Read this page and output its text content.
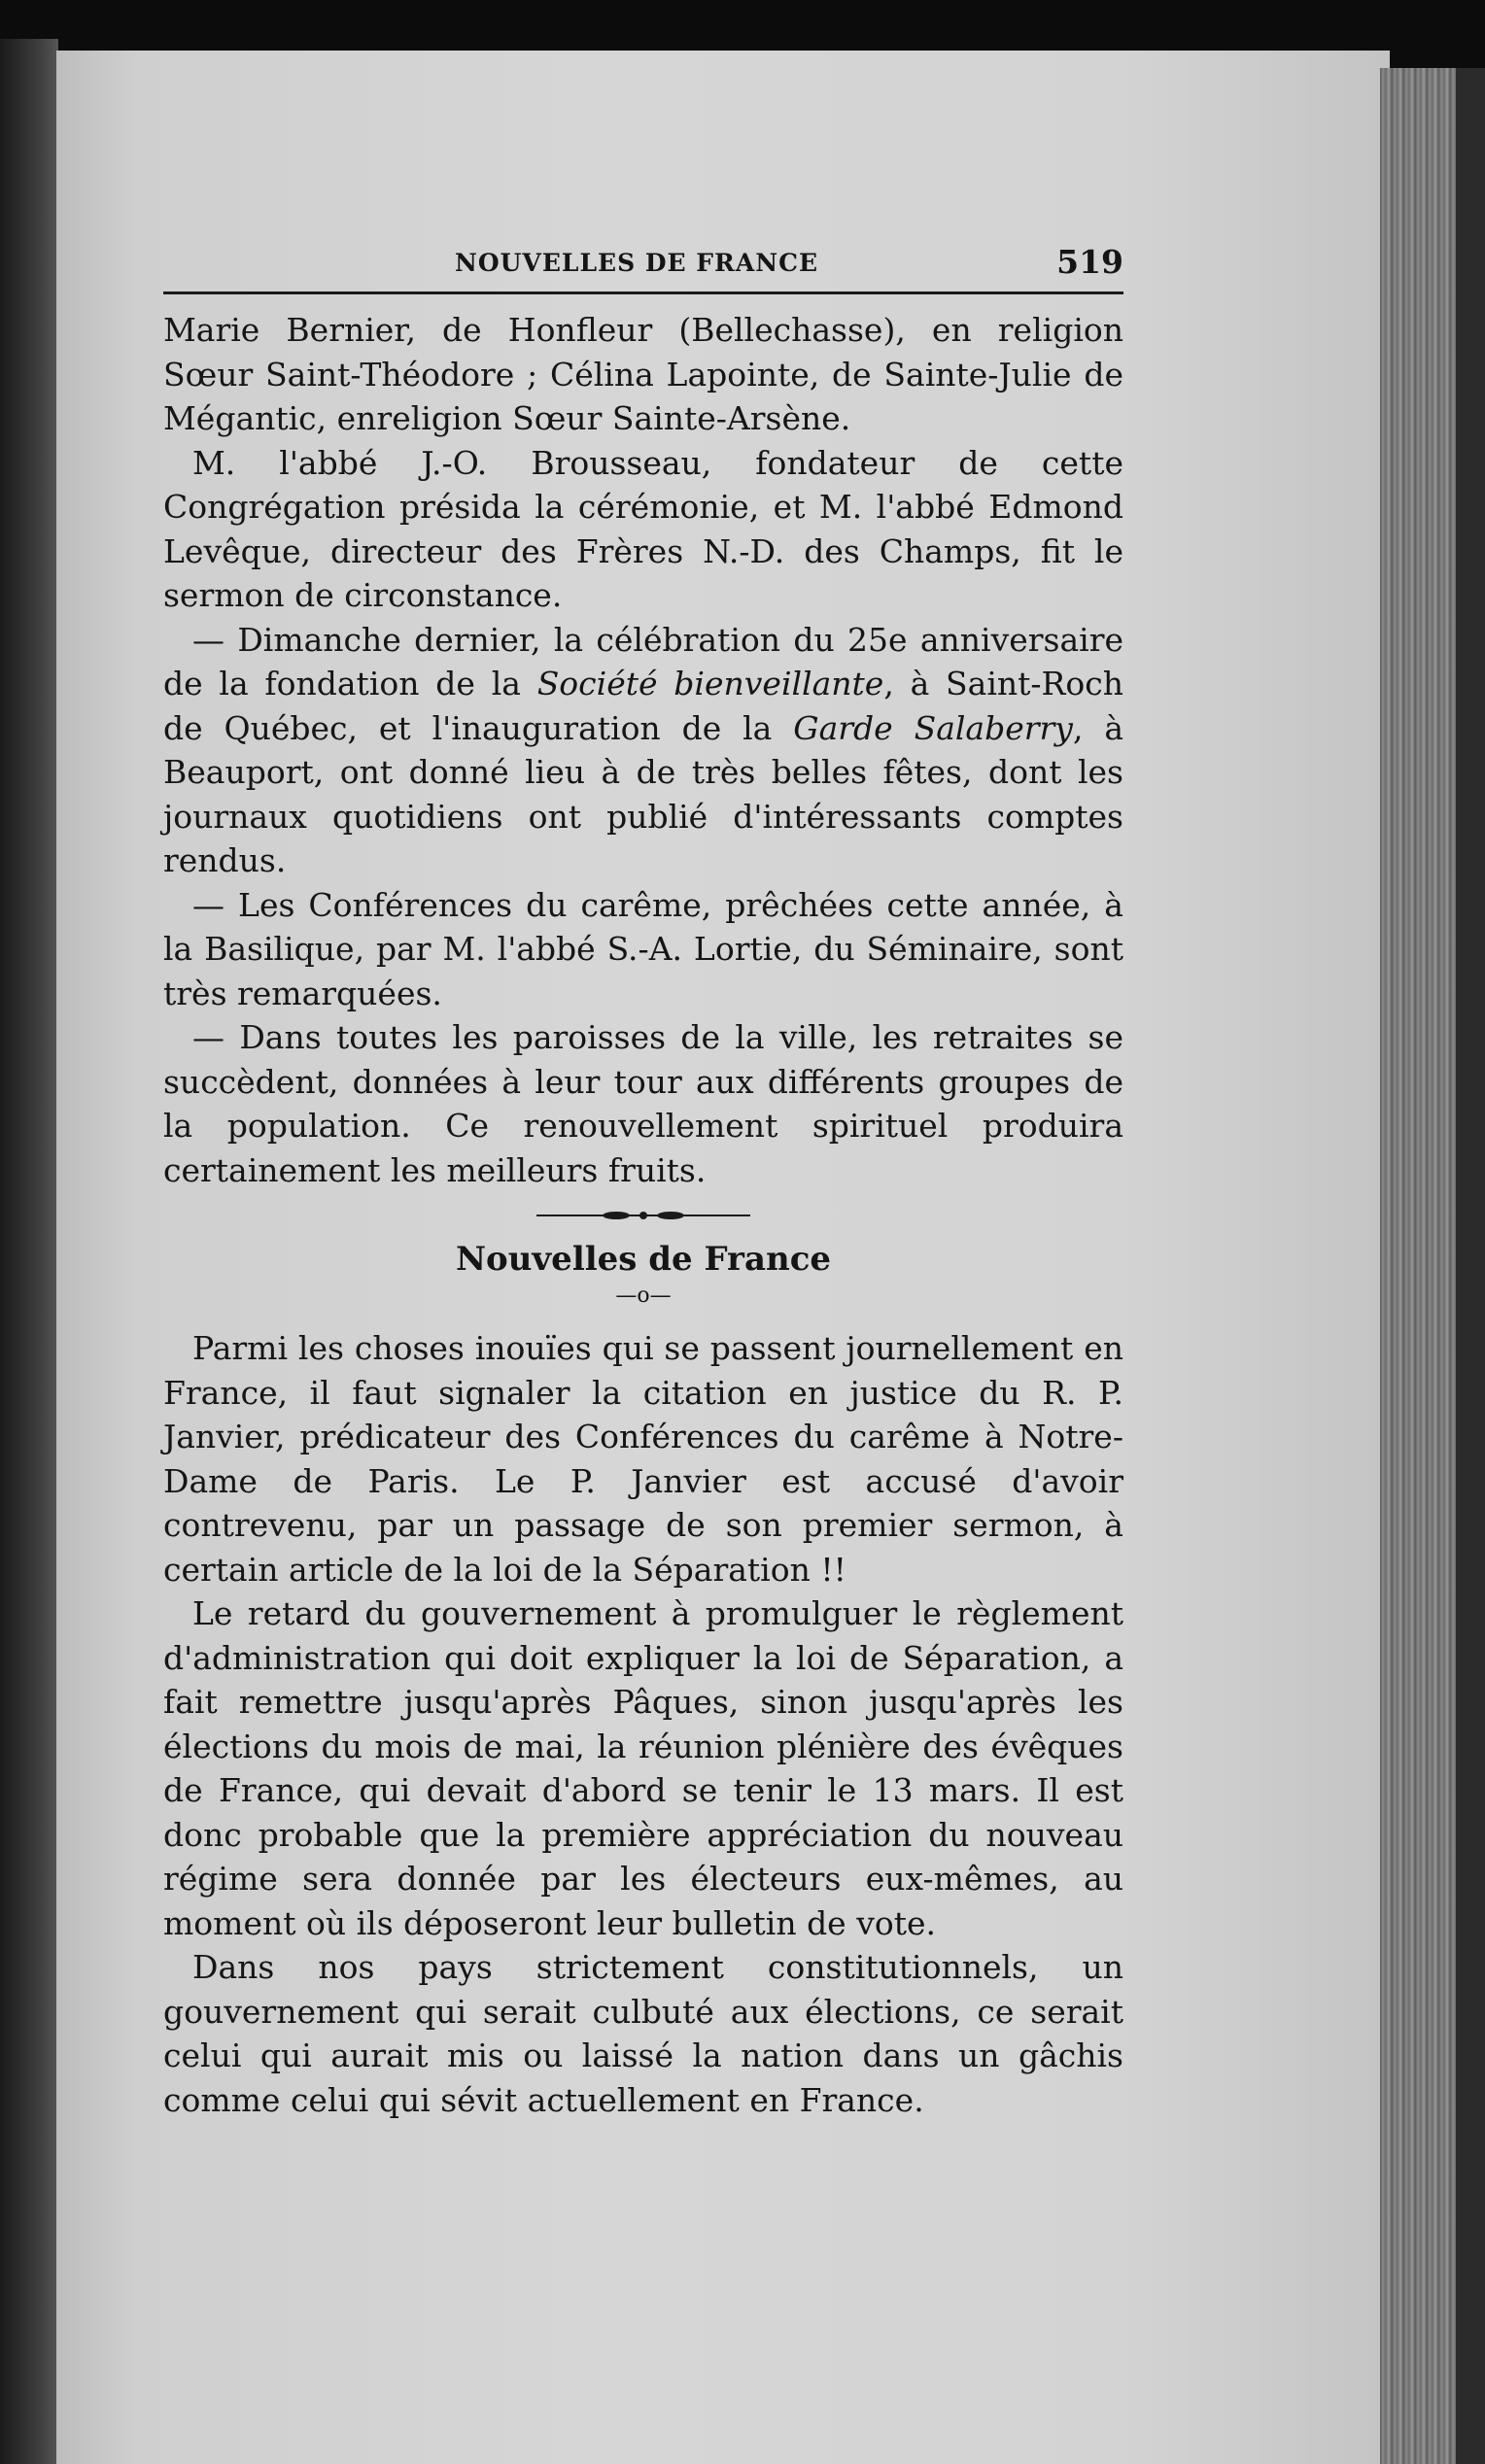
NOUVELLES DE FRANCE	519

Marie Bernier, de Honfleur (Bellechasse), en religion Sœur Saint-Théodore ; Célina Lapointe, de Sainte-Julie de Mégantic, enreligion Sœur Sainte-Arsène.

M. l'abbé J.-O. Brousseau, fondateur de cette Congrégation présida la cérémonie, et M. l'abbé Edmond Levêque, directeur des Frères N.-D. des Champs, fit le sermon de circonstance.

— Dimanche dernier, la célébration du 25e anniversaire de la fondation de la Société bienveillante, à Saint-Roch de Québec, et l'inauguration de la Garde Salaberry, à Beauport, ont donné lieu à de très belles fêtes, dont les journaux quotidiens ont publié d'intéressants comptes rendus.

— Les Conférences du carême, prêchées cette année, à la Basilique, par M. l'abbé S.-A. Lortie, du Séminaire, sont très remarquées.

— Dans toutes les paroisses de la ville, les retraites se succèdent, données à leur tour aux différents groupes de la population. Ce renouvellement spirituel produira certainement les meilleurs fruits.

Nouvelles de France
—o—

Parmi les choses inouïes qui se passent journellement en France, il faut signaler la citation en justice du R. P. Janvier, prédicateur des Conférences du carême à Notre-Dame de Paris. Le P. Janvier est accusé d'avoir contrevenu, par un passage de son premier sermon, à certain article de la loi de la Séparation !!

Le retard du gouvernement à promulguer le règlement d'administration qui doit expliquer la loi de Séparation, a fait remettre jusqu'après Pâques, sinon jusqu'après les élections du mois de mai, la réunion plénière des évêques de France, qui devait d'abord se tenir le 13 mars. Il est donc probable que la première appréciation du nouveau régime sera donnée par les électeurs eux-mêmes, au moment où ils déposeront leur bulletin de vote.

Dans nos pays strictement constitutionnels, un gouvernement qui serait culbuté aux élections, ce serait celui qui aurait mis ou laissé la nation dans un gâchis comme celui qui sévit actuellement en France.
